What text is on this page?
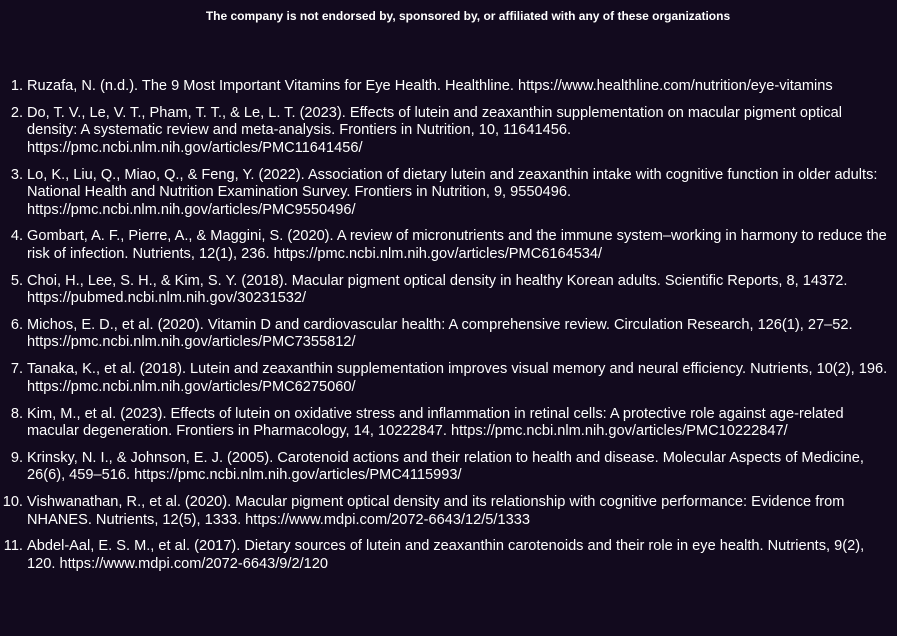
The company is not endorsed by, sponsored by, or affiliated with any of these organizations
1. Ruzafa, N. (n.d.). The 9 Most Important Vitamins for Eye Health. Healthline. https://www.healthline.com/nutrition/eye-vitamins
2. Do, T. V., Le, V. T., Pham, T. T., & Le, L. T. (2023). Effects of lutein and zeaxanthin supplementation on macular pigment optical density: A systematic review and meta-analysis. Frontiers in Nutrition, 10, 11641456. https://pmc.ncbi.nlm.nih.gov/articles/PMC11641456/
3. Lo, K., Liu, Q., Miao, Q., & Feng, Y. (2022). Association of dietary lutein and zeaxanthin intake with cognitive function in older adults: National Health and Nutrition Examination Survey. Frontiers in Nutrition, 9, 9550496. https://pmc.ncbi.nlm.nih.gov/articles/PMC9550496/
4. Gombart, A. F., Pierre, A., & Maggini, S. (2020). A review of micronutrients and the immune system–working in harmony to reduce the risk of infection. Nutrients, 12(1), 236. https://pmc.ncbi.nlm.nih.gov/articles/PMC6164534/
5. Choi, H., Lee, S. H., & Kim, S. Y. (2018). Macular pigment optical density in healthy Korean adults. Scientific Reports, 8, 14372. https://pubmed.ncbi.nlm.nih.gov/30231532/
6. Michos, E. D., et al. (2020). Vitamin D and cardiovascular health: A comprehensive review. Circulation Research, 126(1), 27–52. https://pmc.ncbi.nlm.nih.gov/articles/PMC7355812/
7. Tanaka, K., et al. (2018). Lutein and zeaxanthin supplementation improves visual memory and neural efficiency. Nutrients, 10(2), 196. https://pmc.ncbi.nlm.nih.gov/articles/PMC6275060/
8. Kim, M., et al. (2023). Effects of lutein on oxidative stress and inflammation in retinal cells: A protective role against age-related macular degeneration. Frontiers in Pharmacology, 14, 10222847. https://pmc.ncbi.nlm.nih.gov/articles/PMC10222847/
9. Krinsky, N. I., & Johnson, E. J. (2005). Carotenoid actions and their relation to health and disease. Molecular Aspects of Medicine, 26(6), 459–516. https://pmc.ncbi.nlm.nih.gov/articles/PMC4115993/
10. Vishwanathan, R., et al. (2020). Macular pigment optical density and its relationship with cognitive performance: Evidence from NHANES. Nutrients, 12(5), 1333. https://www.mdpi.com/2072-6643/12/5/1333
11. Abdel-Aal, E. S. M., et al. (2017). Dietary sources of lutein and zeaxanthin carotenoids and their role in eye health. Nutrients, 9(2), 120. https://www.mdpi.com/2072-6643/9/2/120
